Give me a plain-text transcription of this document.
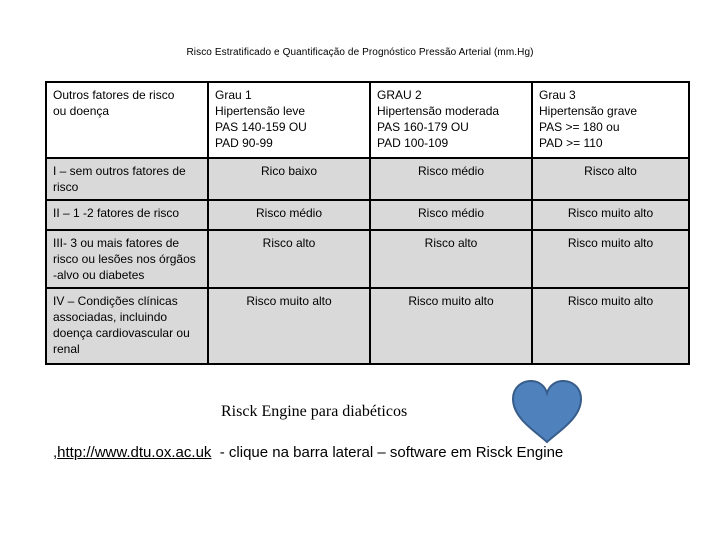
Risco Estratificado e Quantificação de Prognóstico Pressão Arterial (mm.Hg)
Outros fatores de risco
ou doença	Grau 1
Hipertensão leve
PAS 140-159 OU
PAD 90-99	GRAU 2
Hipertensão moderada
PAS 160-179 OU
PAD 100-109	Grau 3
Hipertensão grave
PAS >= 180 ou
PAD >= 110
I – sem outros fatores de
risco	Rico baixo	Risco médio	Risco alto
II – 1 -2 fatores de risco	Risco médio	Risco médio	Risco muito alto
III- 3 ou mais fatores de
risco ou lesões nos órgãos
-alvo ou diabetes	Risco alto	Risco alto	Risco muito alto
IV – Condições clínicas
associadas, incluindo
doença cardiovascular ou
renal	Risco muito alto	Risco muito alto	Risco muito alto
Risck Engine para diabéticos
,http://www.dtu.ox.ac.uk  - clique na barra lateral – software em Risck Engine
